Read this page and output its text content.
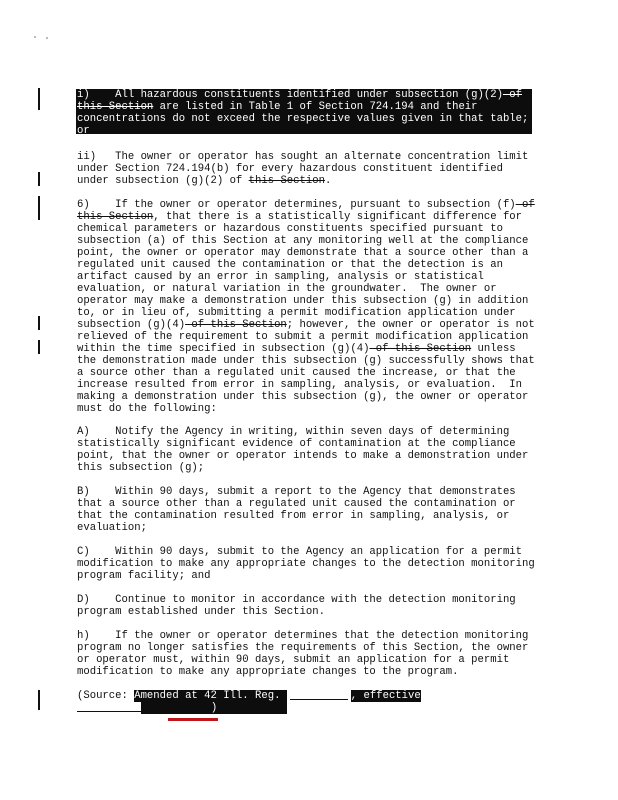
i)    All hazardous constituents identified under subsection (g)(2) of
this Section are listed in Table 1 of Section 724.194 and their
concentrations do not exceed the respective values given in that table;
or
ii)   The owner or operator has sought an alternate concentration limit
under Section 724.194(b) for every hazardous constituent identified
under subsection (g)(2) of this Section.
6)    If the owner or operator determines, pursuant to subsection (f) of
this Section, that there is a statistically significant difference for
chemical parameters or hazardous constituents specified pursuant to
subsection (a) of this Section at any monitoring well at the compliance
point, the owner or operator may demonstrate that a source other than a
regulated unit caused the contamination or that the detection is an
artifact caused by an error in sampling, analysis or statistical
evaluation, or natural variation in the groundwater.  The owner or
operator may make a demonstration under this subsection (g) in addition
to, or in lieu of, submitting a permit modification application under
subsection (g)(4) of this Section; however, the owner or operator is not
relieved of the requirement to submit a permit modification application
within the time specified in subsection (g)(4) of this Section unless
the demonstration made under this subsection (g) successfully shows that
a source other than a regulated unit caused the increase, or that the
increase resulted from error in sampling, analysis, or evaluation.  In
making a demonstration under this subsection (g), the owner or operator
must do the following:
A)    Notify the Agency in writing, within seven days of determining
statistically significant evidence of contamination at the compliance
point, that the owner or operator intends to make a demonstration under
this subsection (g);
B)    Within 90 days, submit a report to the Agency that demonstrates
that a source other than a regulated unit caused the contamination or
that the contamination resulted from error in sampling, analysis, or
evaluation;
C)    Within 90 days, submit to the Agency an application for a permit
modification to make any appropriate changes to the detection monitoring
program facility; and
D)    Continue to monitor in accordance with the detection monitoring
program established under this Section.
h)    If the owner or operator determines that the detection monitoring
program no longer satisfies the requirements of this Section, the owner
or operator must, within 90 days, submit an application for a permit
modification to make any appropriate changes to the program.
(Source: Amended at 42 Ill. Reg.	, effective
)
